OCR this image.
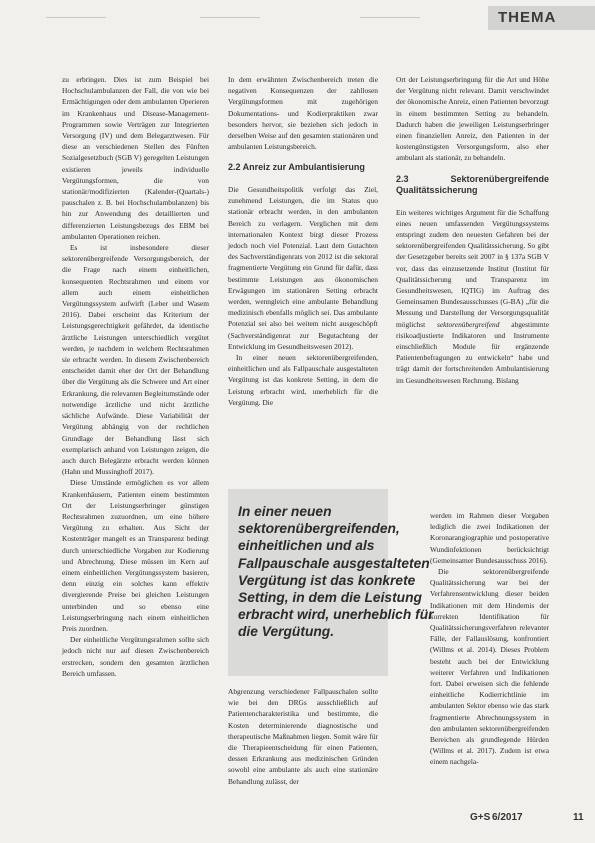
THEMA

zu erbringen. Dies ist zum Beispiel bei Hochschulambulanzen der Fall, die von wie bei Ermächtigungen oder dem ambulanten Operieren im Krankenhaus und Disease-Management-Programmen sowie Verträgen zur Integrierten Versorgung (IV) und dem Belegarztwesen. Für diese an verschiedenen Stellen des Fünften Sozialgesetzbuch (SGB V) geregelten Leistungen existieren jeweils individuelle Vergütungsformen, die von stationär/modifizierten (Kalender-(Quartals-) pauschalen z. B. bei Hochschulambulanzen) bis hin zur Anwendung des detaillierten und differenzierten Leistungsbezugs des EBM bei ambulanten Operationen reichen.

Es ist insbesondere dieser sektorenübergreifende Versorgungsbereich, der die Frage nach einem einheitlichen, konsequenten Rechtsrahmen und einem vor allem auch einem einheitlichen Vergütungssystem aufwirft (Leber und Wasem 2016). Dabei erscheint das Kriterium der Leistungsgerechtigkeit gefährdet, da identische ärztliche Leistungen unterschiedlich vergütet werden, je nachdem in welchem Rechtsrahmen sie erbracht werden. In diesem Zwischenbereich entscheidet damit eher der Ort der Behandlung über die Vergütung als die Schwere und Art einer Erkrankung, die relevanten Begleitumstände oder notwendige ärztliche und nicht ärztliche sächliche Aufwände. Diese Variabilität der Vergütung abhängig von der rechtlichen Grundlage der Behandlung lässt sich exemplarisch anhand von Leistungen zeigen, die auch durch Belegärzte erbracht werden können (Hahn und Mussinghoff 2017).

Diese Umstände ermöglichen es vor allem Krankenhäusern, Patienten einem bestimmten Ort der Leistungserbringer günstigen Rechtsrahmen zuzuordnen, um eine höhere Vergütung zu erhalten. Aus Sicht der Kostenträger mangelt es an Transparenz bedingt durch unterschiedliche Vorgaben zur Kodierung und Abrechnung. Diese müssen im Kern auf einem einheitlichen Vergütungssystem basieren, denn einzig ein solches kann effektiv divergierende Preise bei gleichen Leistungen unterbinden und so ebenso eine Leistungserbringung nach einem einheitlichen Preis zuordnen.

Der einheitliche Vergütungsrahmen sollte sich jedoch nicht nur auf diesen Zwischenbereich erstrecken, sondern den gesamten ärztlichen Bereich umfassen.

In dem erwähnten Zwischenbereich treten die negativen Konsequenzen der zahllosen Vergütungsformen mit zugehörigen Dokumentations- und Kodierpraktiken zwar besonders hervor, sie beziehen sich jedoch in derselben Weise auf den gesamten stationären und ambulanten Leistungsbereich.

2.2 Anreiz zur Ambulantisierung

Die Gesundheitspolitik verfolgt das Ziel, zunehmend Leistungen, die im Status quo stationär erbracht werden, in den ambulanten Bereich zu verlagern. Verglichen mit dem internationalen Kontext birgt dieser Prozess jedoch noch viel Potenzial. Laut dem Gutachten des Sachverständigenrats von 2012 ist die sektoral fragmentierte Vergütung ein Grund für dafür, dass bestimmte Leistungen aus ökonomischen Erwägungen im stationären Setting erbracht werden, wenngleich eine ambulante Behandlung medizinisch ebenfalls möglich sei. Das ambulante Potenzial sei also bei weitem nicht ausgeschöpft (Sachverständigenrat zur Begutachtung der Entwicklung im Gesundheitswesen 2012).

In einer neuen sektorenübergreifenden, einheitlichen und als Fallpauschale ausgestalteten Vergütung ist das konkrete Setting, in dem die Leistung erbracht wird, unerheblich für die Vergütung. Die

In einer neuen sektorenübergreifenden, einheitlichen und als Fallpauschale ausgestalteten Vergütung ist das konkrete Setting, in dem die Leistung erbracht wird, unerheblich für die Vergütung.
Abgrenzung verschiedener Fallpauschalen sollte wie bei den DRGs ausschließlich auf Patientencharakteristika und bestimmte, die Kosten determinierende diagnostische und therapeutische Maßnahmen liegen. Somit wäre für die Therapieentscheidung für einen Patienten, dessen Erkrankung aus medizinischen Gründen sowohl eine ambulante als auch eine stationäre Behandlung zulässt, der

Ort der Leistungserbringung für die Art und Höhe der Vergütung nicht relevant. Damit verschwindet der ökonomische Anreiz, einen Patienten bevorzugt in einem bestimmten Setting zu behandeln. Dadurch haben die jeweiligen Leistungserbringer einen finanziellen Anreiz, den Patienten in der kostengünstigsten Versorgungsform, also eher ambulant als stationär, zu behandeln.

2.3 Sektorenübergreifende Qualitätssicherung

Ein weiteres wichtiges Argument für die Schaffung eines neuen umfassenden Vergütungssystems entspringt zudem den neuesten Gefahren bei der sektorenübergreifenden Qualitätssicherung. So gibt der Gesetzgeber bereits seit 2007 in § 137a SGB V vor, dass das einzusetzende Institut (Institut für Qualitätssicherung und Transparenz im Gesundheitswesen, IQTIG) im Auftrag des Gemeinsamen Bundesausschusses (G-BA) „für die Messung und Darstellung der Versorgungsqualität möglichst sektorenübergreifend abgestimmte risikoadjustierte Indikatoren und Instrumente einschließlich Module für ergänzende Patientenbefragungen zu entwickeln“ habe und trägt damit der fortschreitenden Ambulantisierung im Gesundheitswesen Rechnung. Bislang

werden im Rahmen dieser Vorgaben lediglich die zwei Indikationen der Koronarangiographie und postoperative Wundinfektionen berücksichtigt (Gemeinsamer Bundesausschuss 2016).
Die sektorenübergreifende Qualitätssicherung war bei der Verfahrensentwicklung dieser beiden Indikationen mit dem Hindernis der korrekten Identifikation für Qualitätssicherungsverfahren relevanter Fälle, der Fallauslösung, konfrontiert (Willms et al. 2014). Dieses Problem besteht auch bei der Entwicklung weiterer Verfahren und Indikationen fort. Dabei erweisen sich die fehlende einheitliche Kodierrichtlinie im ambulanten Sektor ebenso wie das stark fragmentierte Abrechnungssystem in den ambulanten sektorenübergreifenden Bereichen als grundlegende Hürden (Willms et al. 2017). Zudem ist etwa einem nachgela-
G+S 6/2017	11
